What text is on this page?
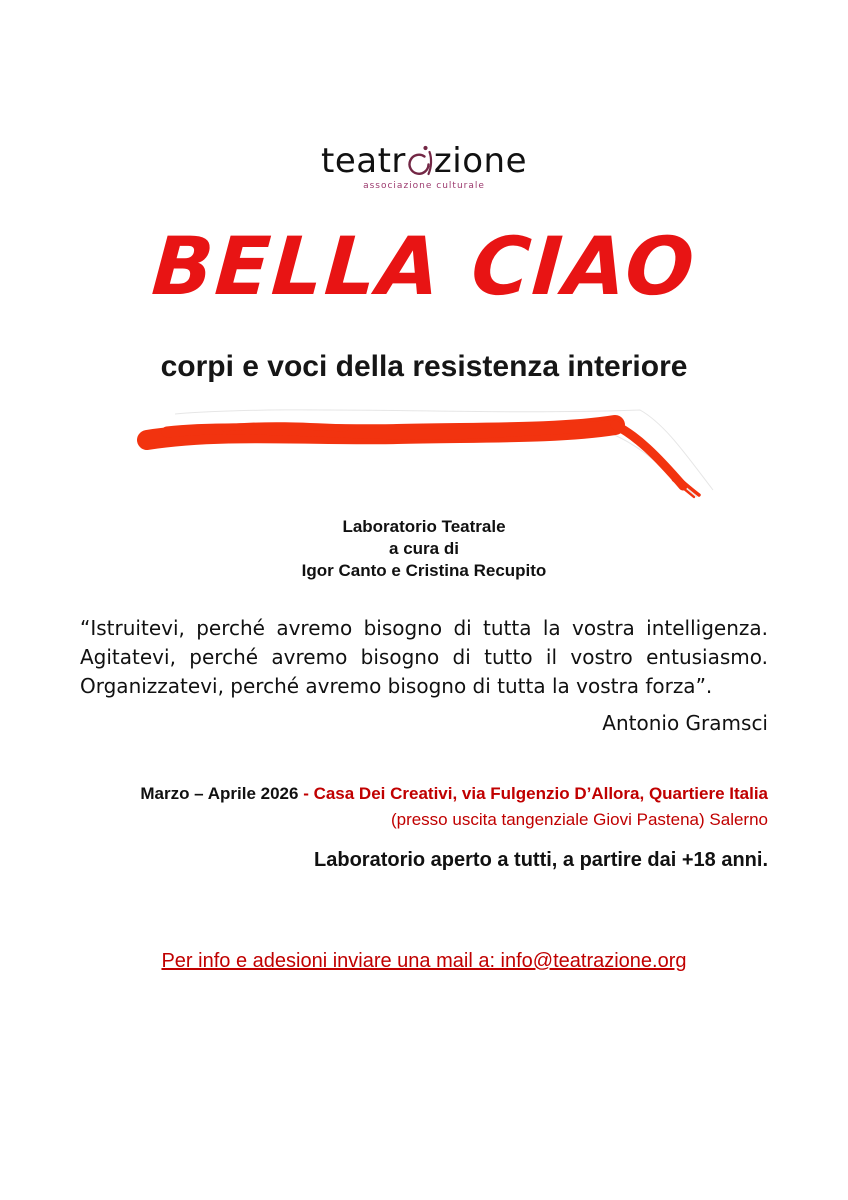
teatr zione
associazione culturale
BELLA CIAO
corpi e voci della resistenza interiore
Laboratorio Teatrale
a cura di
Igor Canto e Cristina Recupito

“Istruitevi, perché avremo bisogno di tutta la vostra intelligenza. Agitatevi, perché avremo bisogno di tutto il vostro entusiasmo. Organizzatevi, perché avremo bisogno di tutta la vostra forza”.

Antonio Gramsci

Marzo – Aprile 2026 - Casa Dei Creativi, via Fulgenzio D’Allora, Quartiere Italia
(presso uscita tangenziale Giovi Pastena) Salerno

Laboratorio aperto a tutti, a partire dai +18 anni.

Per info e adesioni inviare una mail a: info@teatrazione.org
